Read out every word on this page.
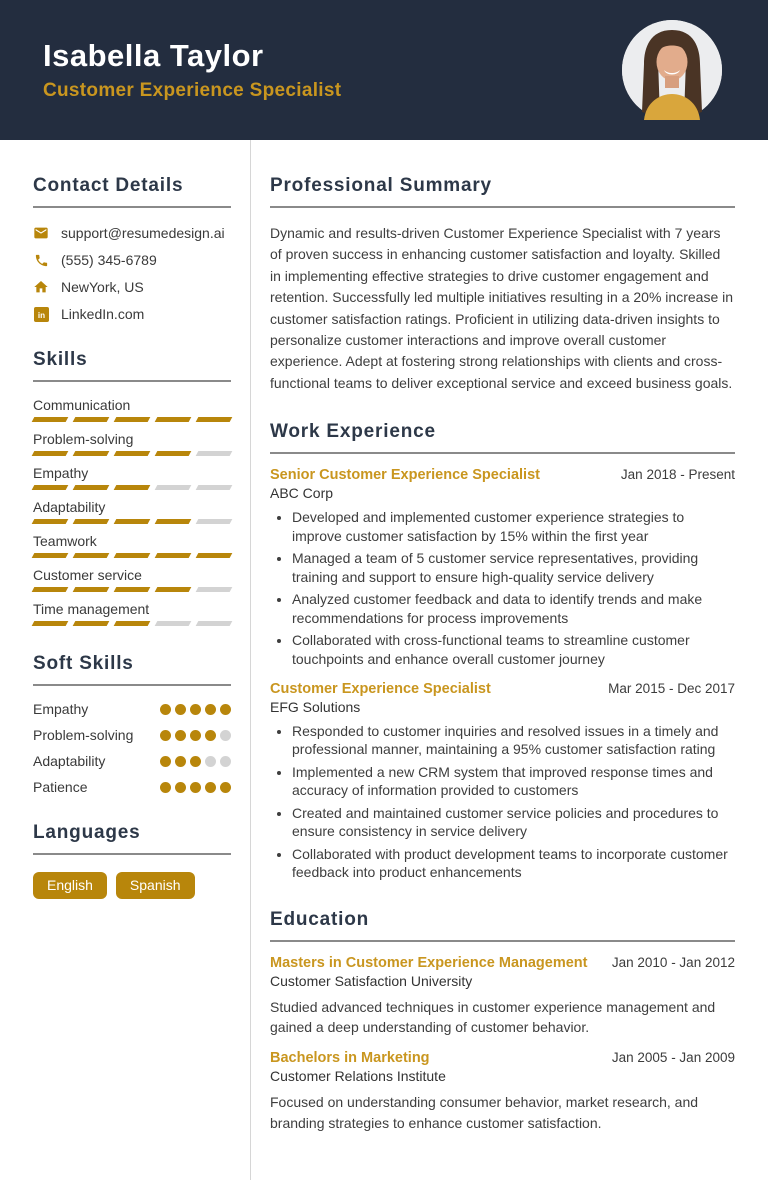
Isabella Taylor
Customer Experience Specialist
Contact Details
support@resumedesign.ai
(555) 345-6789
NewYork, US
in LinkedIn.com
Skills
Communication
Problem-solving
Empathy
Adaptability
Teamwork
Customer service
Time management
Soft Skills
Empathy
Problem-solving
Adaptability
Patience
Languages
English	Spanish
Professional Summary

Dynamic and results-driven Customer Experience Specialist with 7 years of proven success in enhancing customer satisfaction and loyalty. Skilled in implementing effective strategies to drive customer engagement and retention. Successfully led multiple initiatives resulting in a 20% increase in customer satisfaction ratings. Proficient in utilizing data-driven insights to personalize customer interactions and improve overall customer experience. Adept at fostering strong relationships with clients and cross-functional teams to deliver exceptional service and exceed business goals.

Work Experience
Senior Customer Experience Specialist	Jan 2018 - Present
ABC Corp
• Developed and implemented customer experience strategies to improve customer satisfaction by 15% within the first year
• Managed a team of 5 customer service representatives, providing training and support to ensure high-quality service delivery
• Analyzed customer feedback and data to identify trends and make recommendations for process improvements
• Collaborated with cross-functional teams to streamline customer touchpoints and enhance overall customer journey
Customer Experience Specialist	Mar 2015 - Dec 2017
EFG Solutions
• Responded to customer inquiries and resolved issues in a timely and professional manner, maintaining a 95% customer satisfaction rating
• Implemented a new CRM system that improved response times and accuracy of information provided to customers
• Created and maintained customer service policies and procedures to ensure consistency in service delivery
• Collaborated with product development teams to incorporate customer feedback into product enhancements
Education
Masters in Customer Experience Management Jan 2010 - Jan 2012
Customer Satisfaction University

Studied advanced techniques in customer experience management and gained a deep understanding of customer behavior.

Bachelors in Marketing	Jan 2005 - Jan 2009
Customer Relations Institute

Focused on understanding consumer behavior, market research, and branding strategies to enhance customer satisfaction.
